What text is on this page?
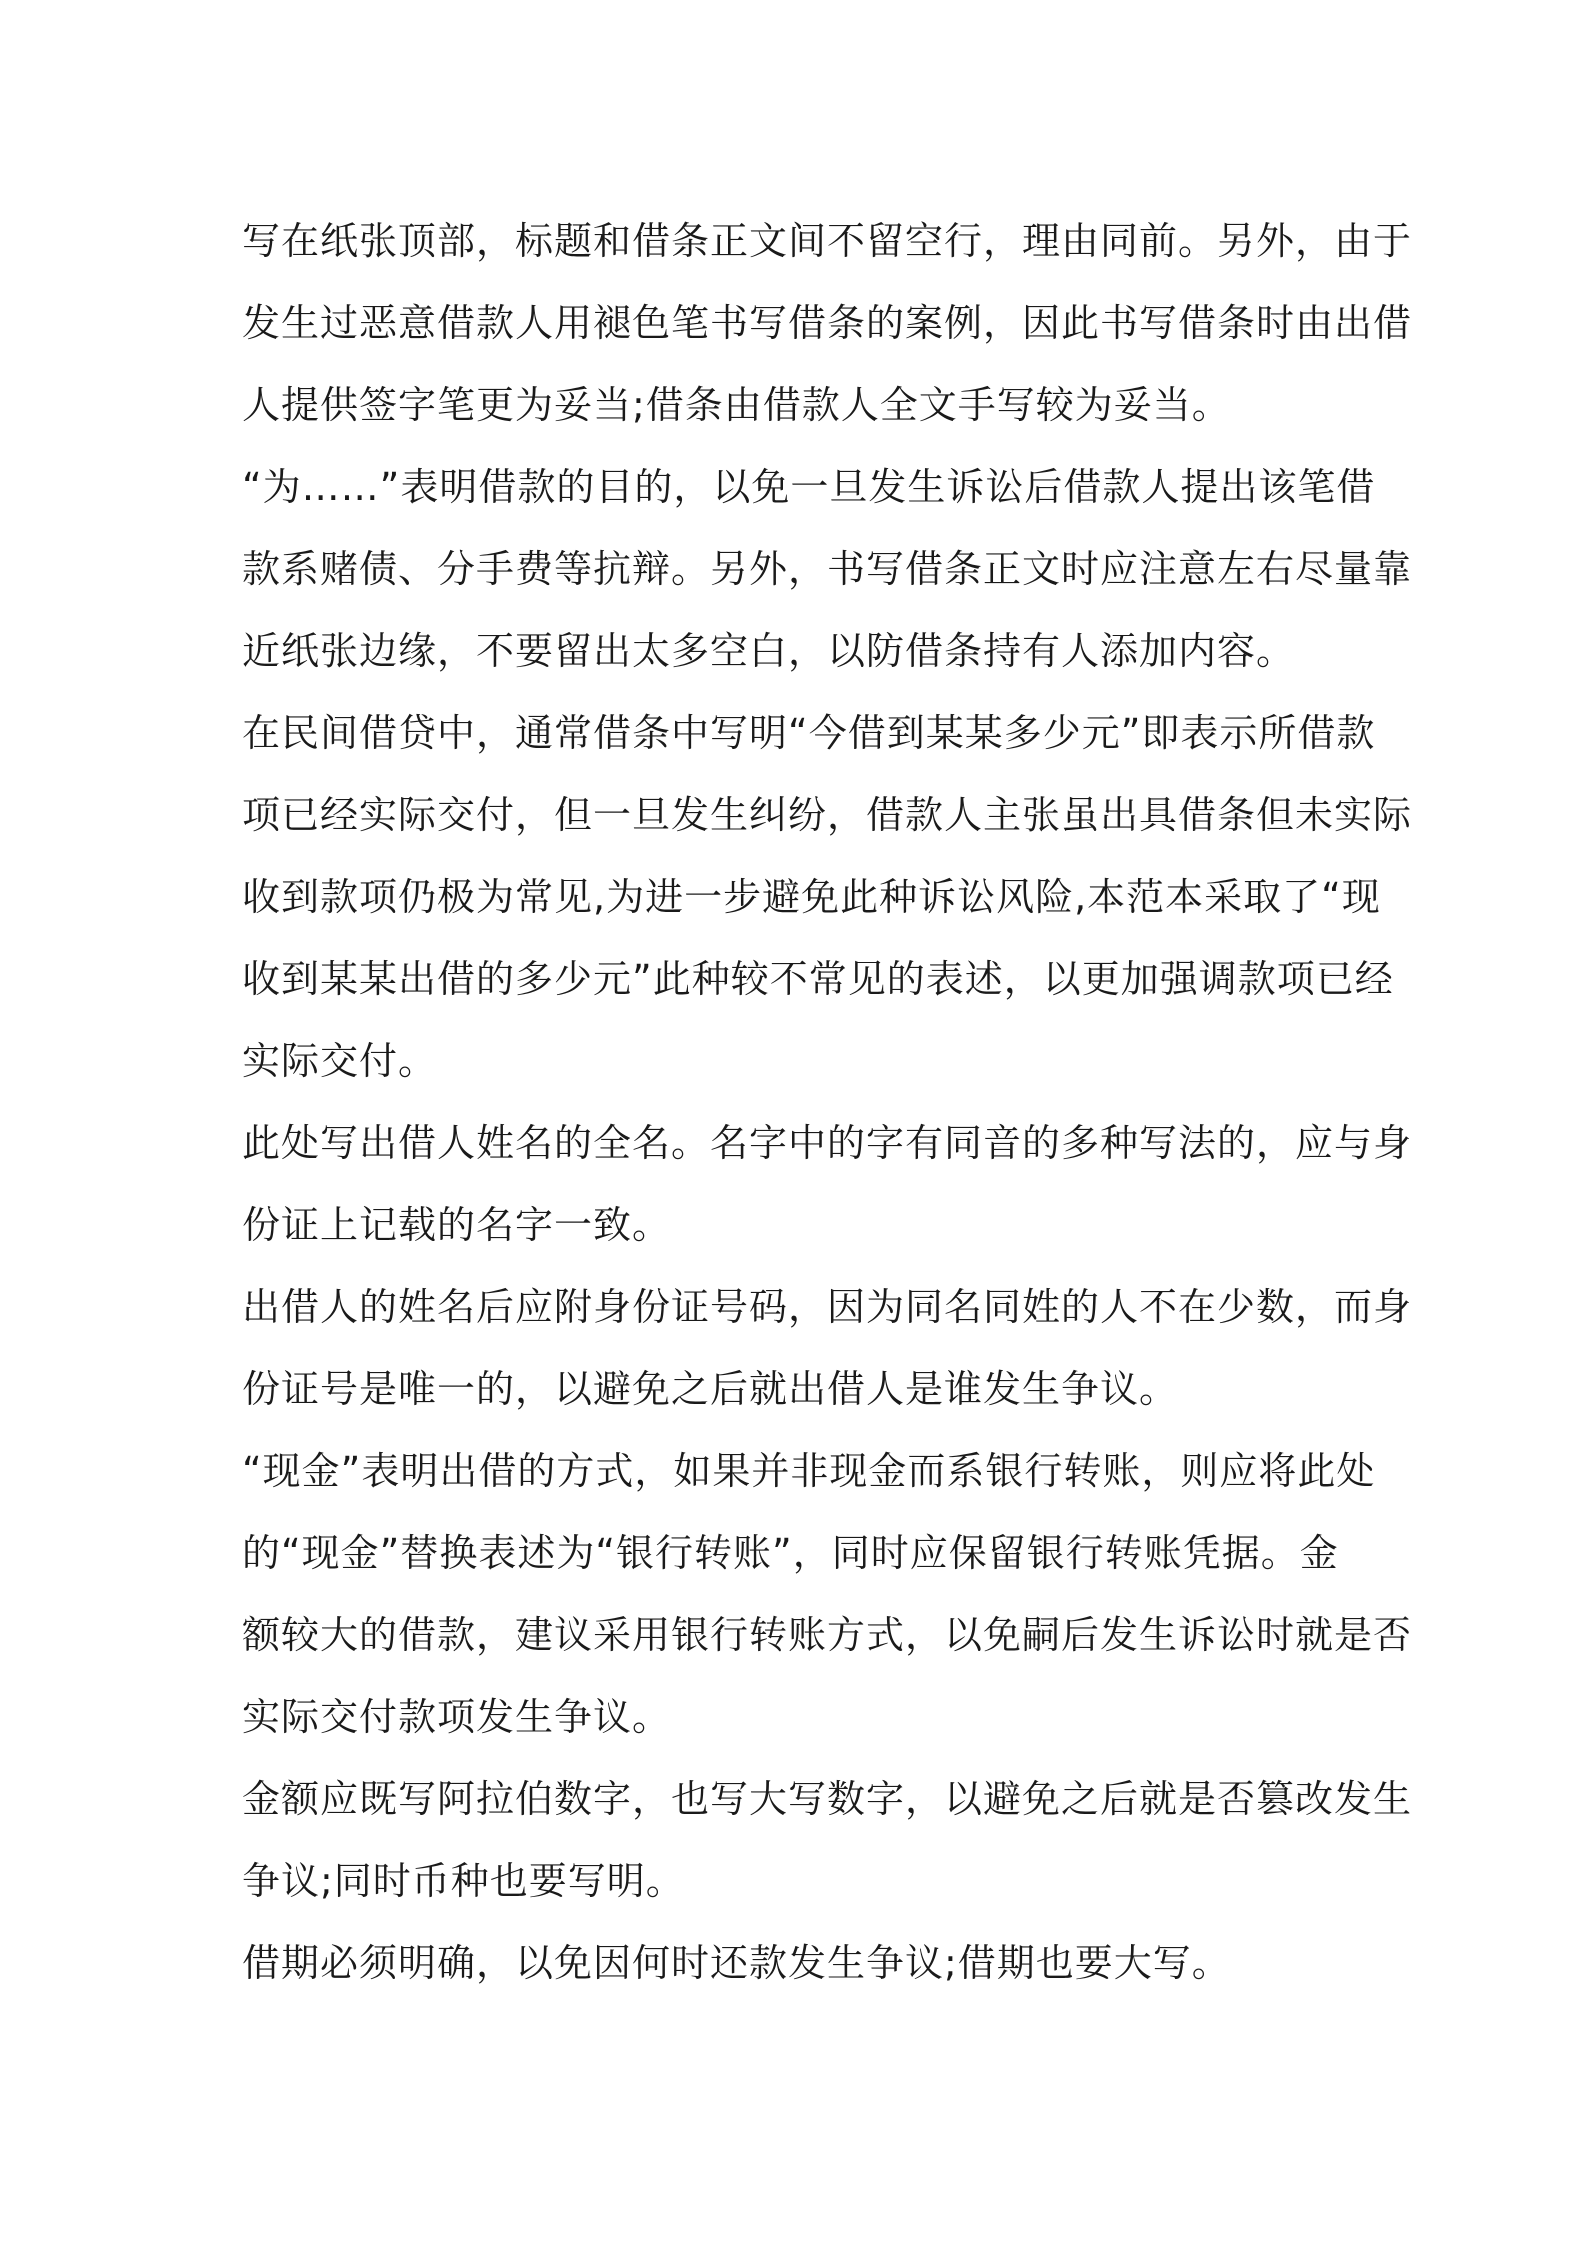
写在纸张顶部，标题和借条正文间不留空行，理由同前。另外，由于
发生过恶意借款人用褪色笔书写借条的案例，因此书写借条时由出借
人提供签字笔更为妥当;借条由借款人全文手写较为妥当。

“为……”表明借款的目的，以免一旦发生诉讼后借款人提出该笔借
款系赌债、分手费等抗辩。另外，书写借条正文时应注意左右尽量靠
近纸张边缘，不要留出太多空白，以防借条持有人添加内容。

在民间借贷中，通常借条中写明“今借到某某多少元”即表示所借款
项已经实际交付，但一旦发生纠纷，借款人主张虽出具借条但未实际
收到款项仍极为常见,为进一步避免此种诉讼风险,本范本采取了“现
收到某某出借的多少元”此种较不常见的表述，以更加强调款项已经
实际交付。

此处写出借人姓名的全名。名字中的字有同音的多种写法的，应与身
份证上记载的名字一致。

出借人的姓名后应附身份证号码，因为同名同姓的人不在少数，而身
份证号是唯一的，以避免之后就出借人是谁发生争议。

“现金”表明出借的方式，如果并非现金而系银行转账，则应将此处
的“现金”替换表述为“银行转账”，同时应保留银行转账凭据。金
额较大的借款，建议采用银行转账方式，以免嗣后发生诉讼时就是否
实际交付款项发生争议。

金额应既写阿拉伯数字，也写大写数字，以避免之后就是否篡改发生
争议;同时币种也要写明。

借期必须明确，以免因何时还款发生争议;借期也要大写。
